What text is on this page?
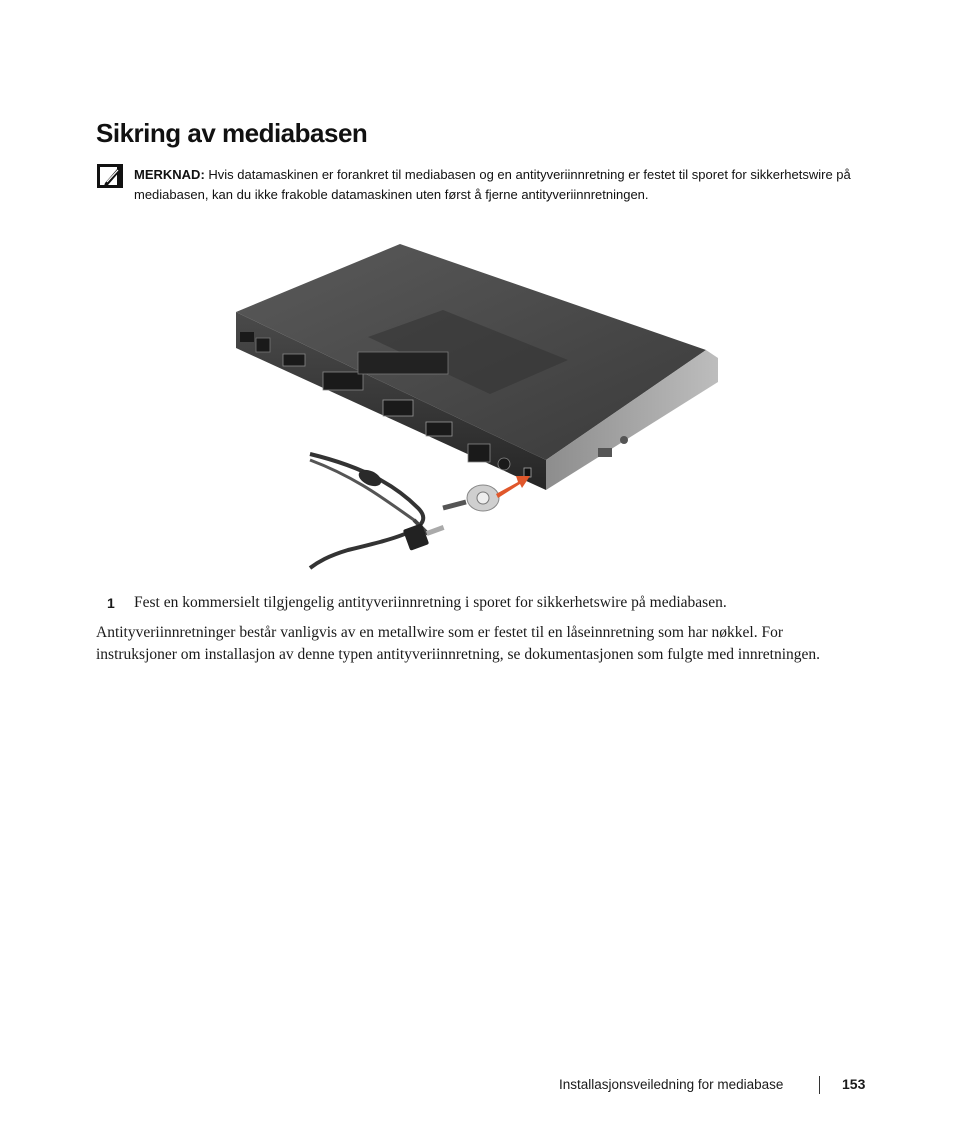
Sikring av mediabasen

MERKNAD: Hvis datamaskinen er forankret til mediabasen og en antityveriinnretning er festet til sporet for sikkerhetswire på mediabasen, kan du ikke frakoble datamaskinen uten først å fjerne antityveriinnretningen.

1 Fest en kommersielt tilgjengelig antityveriinnretning i sporet for sikkerhetswire på mediabasen.

Antityveriinnretninger består vanligvis av en metallwire som er festet til en låseinnretning som har nøkkel. For instruksjoner om installasjon av denne typen antityveriinnretning, se dokumentasjonen som fulgte med innretningen.

Installasjonsveiledning for mediabase	153
